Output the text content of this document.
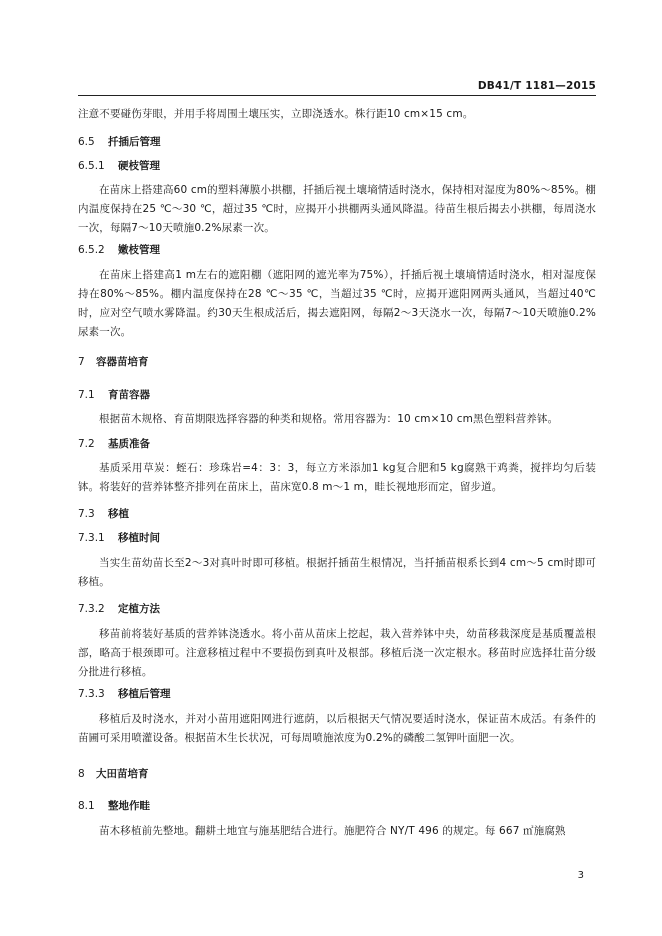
DB41/T 1181—2015
注意不要碰伤芽眼，并用手将周围土壤压实，立即浇透水。株行距10 cm×15 cm。
6.5 扦插后管理
6.5.1 硬枝管理
在苗床上搭建高60 cm的塑料薄膜小拱棚，扦插后视土壤墒情适时浇水，保持相对湿度为80%～85%。棚内温度保持在25 ℃～30 ℃，超过35 ℃时，应揭开小拱棚两头通风降温。待苗生根后揭去小拱棚，每周浇水一次，每隔7～10天喷施0.2%尿素一次。
6.5.2 嫩枝管理
在苗床上搭建高1 m左右的遮阳棚（遮阳网的遮光率为75%），扦插后视土壤墒情适时浇水，相对湿度保持在80%～85%。棚内温度保持在28 ℃～35 ℃，当超过35 ℃时，应揭开遮阳网两头通风，当超过40℃时，应对空气喷水雾降温。约30天生根成活后，揭去遮阳网，每隔2～3天浇水一次，每隔7～10天喷施0.2%尿素一次。
7 容器苗培育
7.1 育苗容器
根据苗木规格、育苗期限选择容器的种类和规格。常用容器为：10 cm×10 cm黑色塑料营养钵。
7.2 基质准备
基质采用草炭：蛭石：珍珠岩=4：3：3，每立方米添加1 kg复合肥和5 kg腐熟干鸡粪，搅拌均匀后装钵。将装好的营养钵整齐排列在苗床上，苗床宽0.8 m～1 m，畦长视地形而定，留步道。
7.3 移植
7.3.1 移植时间
当实生苗幼苗长至2～3对真叶时即可移植。根据扦插苗生根情况，当扦插苗根系长到4 cm～5 cm时即可移植。
7.3.2 定植方法
移苗前将装好基质的营养钵浇透水。将小苗从苗床上挖起，栽入营养钵中央，幼苗移栽深度是基质覆盖根部，略高于根颈即可。注意移植过程中不要损伤到真叶及根部。移植后浇一次定根水。移苗时应选择壮苗分级分批进行移植。
7.3.3 移植后管理
移植后及时浇水，并对小苗用遮阳网进行遮荫，以后根据天气情况要适时浇水，保证苗木成活。有条件的苗圃可采用喷灌设备。根据苗木生长状况，可每周喷施浓度为0.2%的磷酸二氢钾叶面肥一次。
8 大田苗培育
8.1 整地作畦
苗木移植前先整地。翻耕土地宜与施基肥结合进行。施肥符合 NY/T 496 的规定。每 667 ㎡施腐熟
3
